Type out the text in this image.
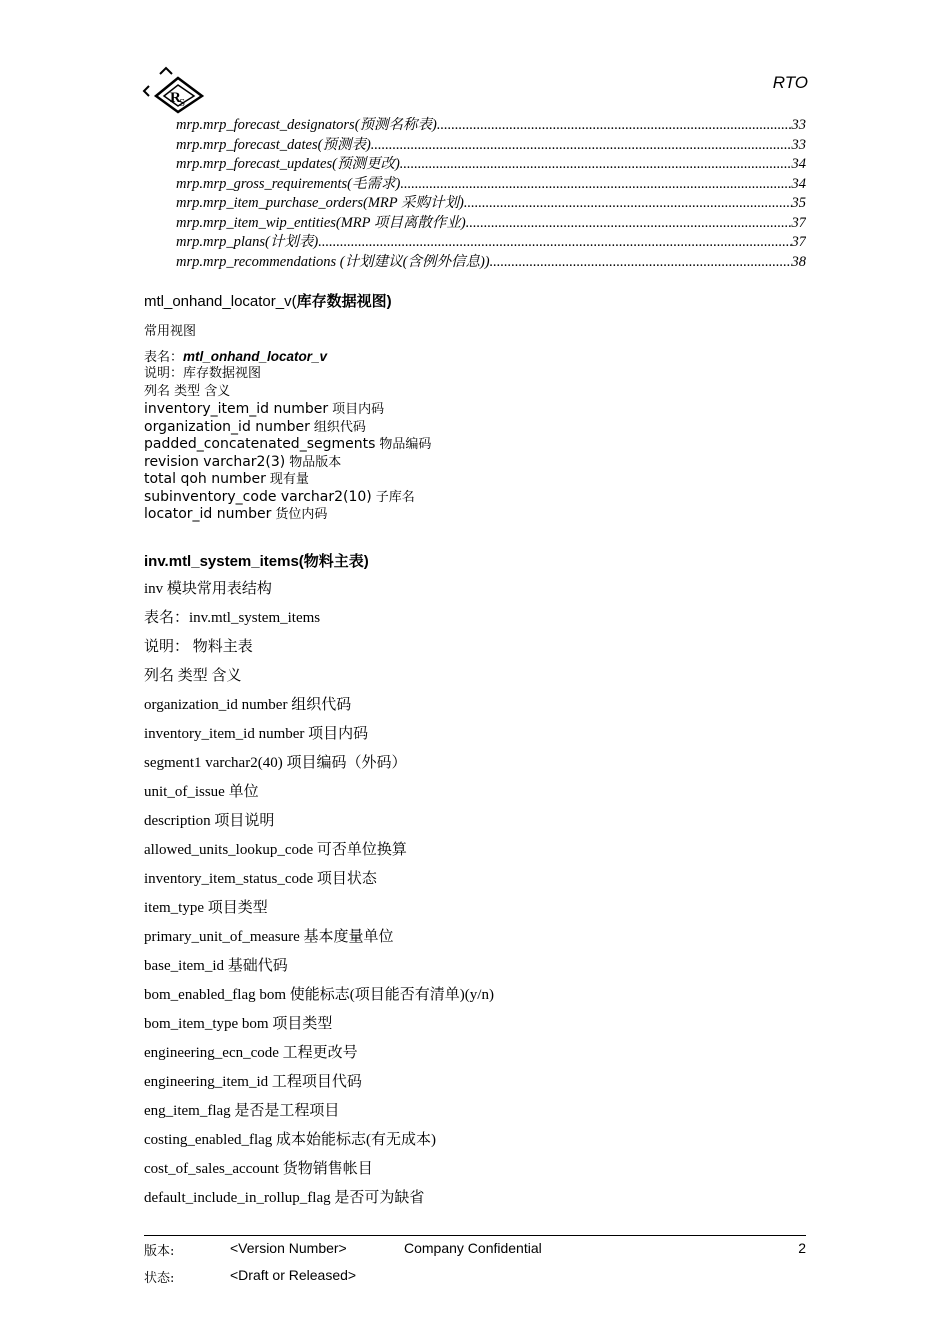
R
S
RTO
mrp.mrp_forecast_designators(预测名称表) .....	33
mrp.mrp_forecast_dates(预测表) .....	33
mrp.mrp_forecast_updates(预测更改) .....	34
mrp.mrp_gross_requirements(毛需求) .....	34
mrp.mrp_item_purchase_orders(MRP 采购计划) .....	35
mrp.mrp_item_wip_entities(MRP 项目离散作业) .....	37
mrp.mrp_plans(计划表) .....	37
mrp.mrp_recommendations (计划建议(含例外信息)) .....	38
mtl_onhand_locator_v(库存数据视图)
常用视图
表名：mtl_onhand_locator_v
说明：库存数据视图
列名 类型 含义
inventory_item_id number 项目内码
organization_id number 组织代码
padded_concatenated_segments 物品编码
revision varchar2(3) 物品版本
total qoh number 现有量
subinventory_code varchar2(10) 子库名
locator_id number 货位内码
inv.mtl_system_items(物料主表)
inv 模块常用表结构
表名：inv.mtl_system_items
说明： 物料主表
列名 类型 含义
organization_id number 组织代码
inventory_item_id number 项目内码
segment1 varchar2(40) 项目编码（外码）
unit_of_issue 单位
description 项目说明
allowed_units_lookup_code 可否单位换算
inventory_item_status_code 项目状态
item_type 项目类型
primary_unit_of_measure 基本度量单位
base_item_id 基础代码
bom_enabled_flag bom 使能标志(项目能否有清单)(y/n)
bom_item_type bom 项目类型
engineering_ecn_code 工程更改号
engineering_item_id 工程项目代码
eng_item_flag 是否是工程项目
costing_enabled_flag 成本始能标志(有无成本)
cost_of_sales_account 货物销售帐目
default_include_in_rollup_flag 是否可为缺省
版本:	<Version Number>	Company Confidential	2
状态:	<Draft or Released>
